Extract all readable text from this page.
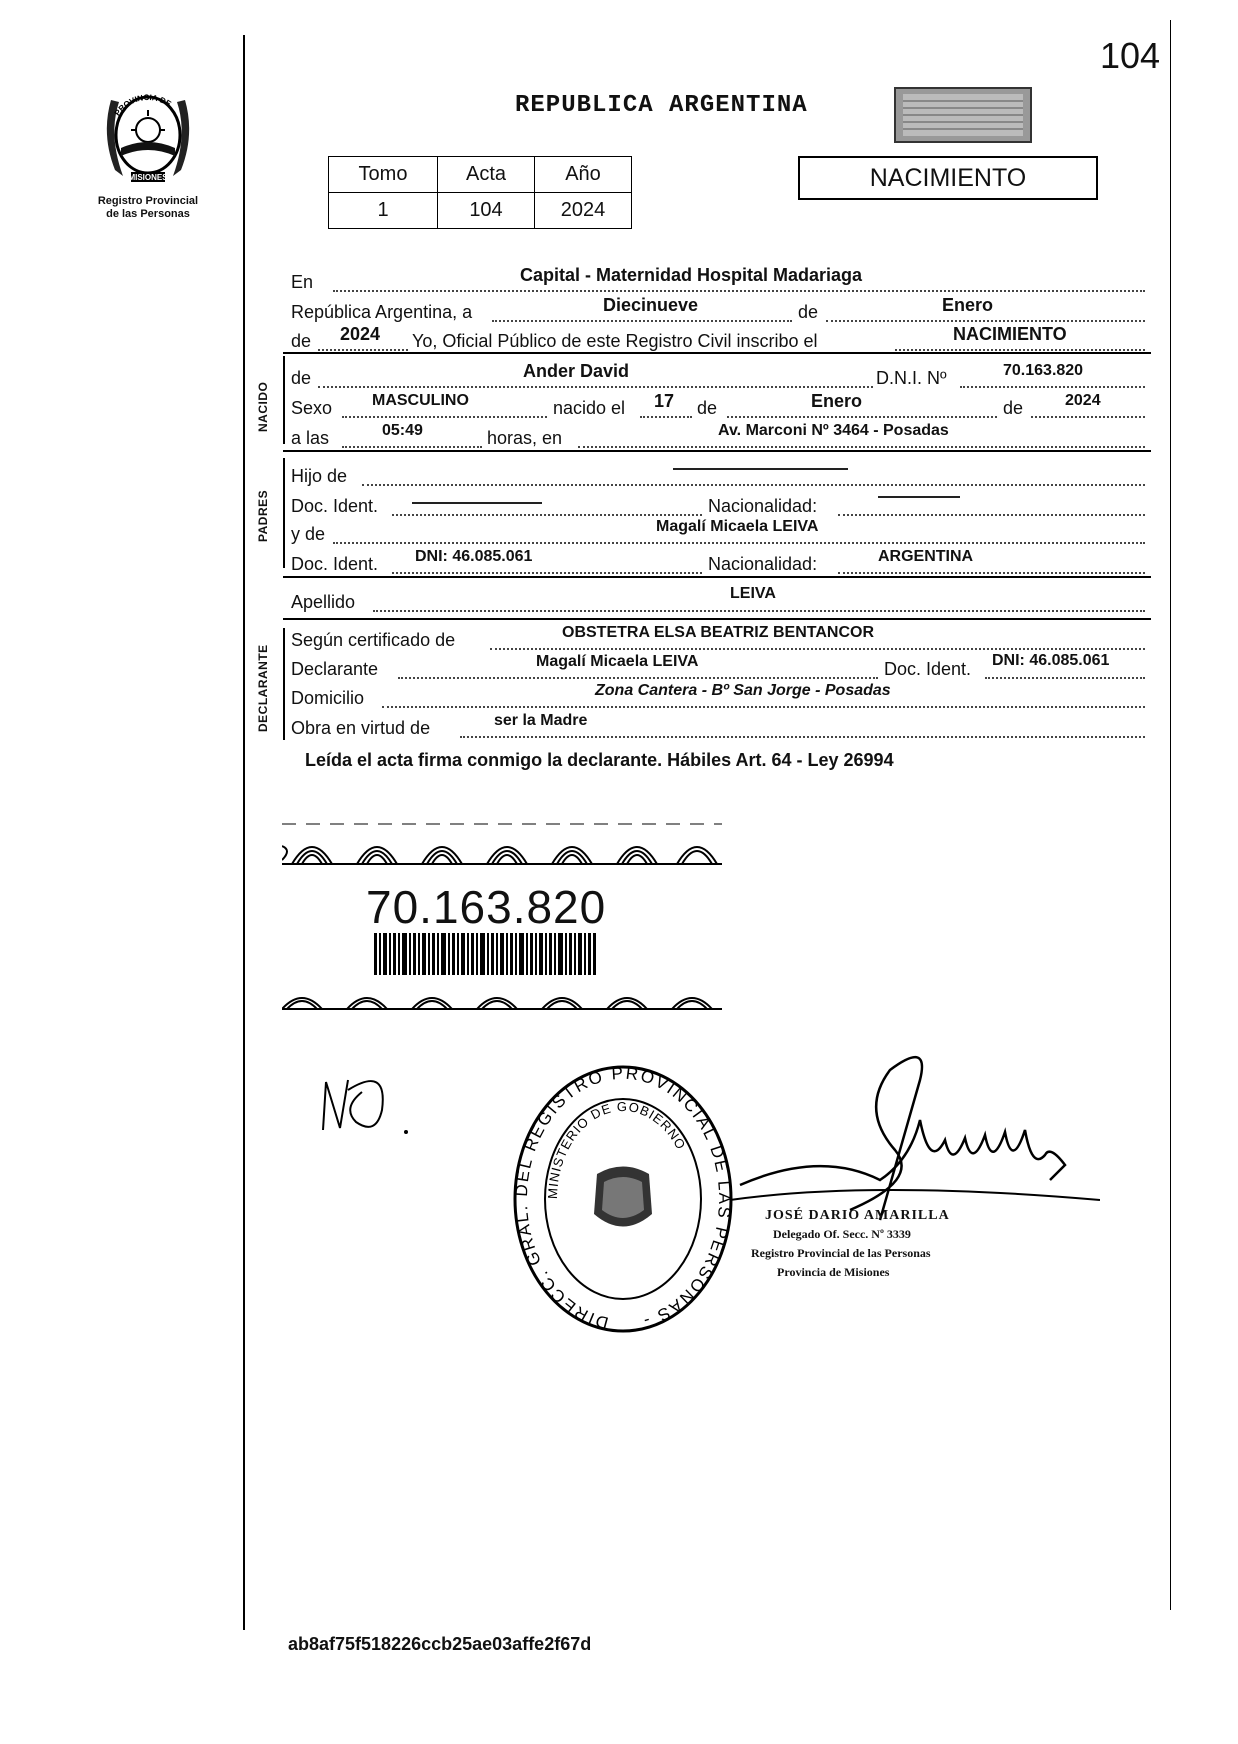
104
PROVINCIA DE
MISIONES
Registro Provincial
de las Personas
REPUBLICA ARGENTINA
Tomo	Acta	Año
1	104	2024
NACIMIENTO
En	Capital - Maternidad Hospital Madariaga
República Argentina, a	Diecinueve	de	Enero
de 2024 Yo, Oficial Público de este Registro Civil inscribo el	NACIMIENTO
NACIDO
de	Ander David	D.N.I. Nº	70.163.820
Sexo MASCULINO	nacido el 17 de	Enero	de	2024
a las	05:49	horas, en	Av. Marconi Nº 3464 - Posadas
PADRES
Hijo de
Doc. Ident.	Nacionalidad:
y de	Magalí Micaela LEIVA
Doc. Ident. DNI: 46.085.061	Nacionalidad:	ARGENTINA
Apellido	LEIVA
DECLARANTE
Según certificado de	OBSTETRA ELSA BEATRIZ BENTANCOR
Declarante	Magalí Micaela LEIVA	Doc. Ident. DNI: 46.085.061
Domicilio	Zona Cantera - Bº San Jorge - Posadas
Obra en virtud de	ser la Madre
Leída el acta firma conmigo la declarante. Hábiles Art. 64 - Ley 26994
70.163.820
DIRECC. GRAL. DEL REGISTRO PROVINCIAL DE LAS PERSONAS -
MINISTERIO DE GOBIERNO
JOSÉ DARIO AMARILLA
Delegado Of. Secc. Nº 3339
Registro Provincial de las Personas
Provincia de Misiones
ab8af75f518226ccb25ae03affe2f67d
